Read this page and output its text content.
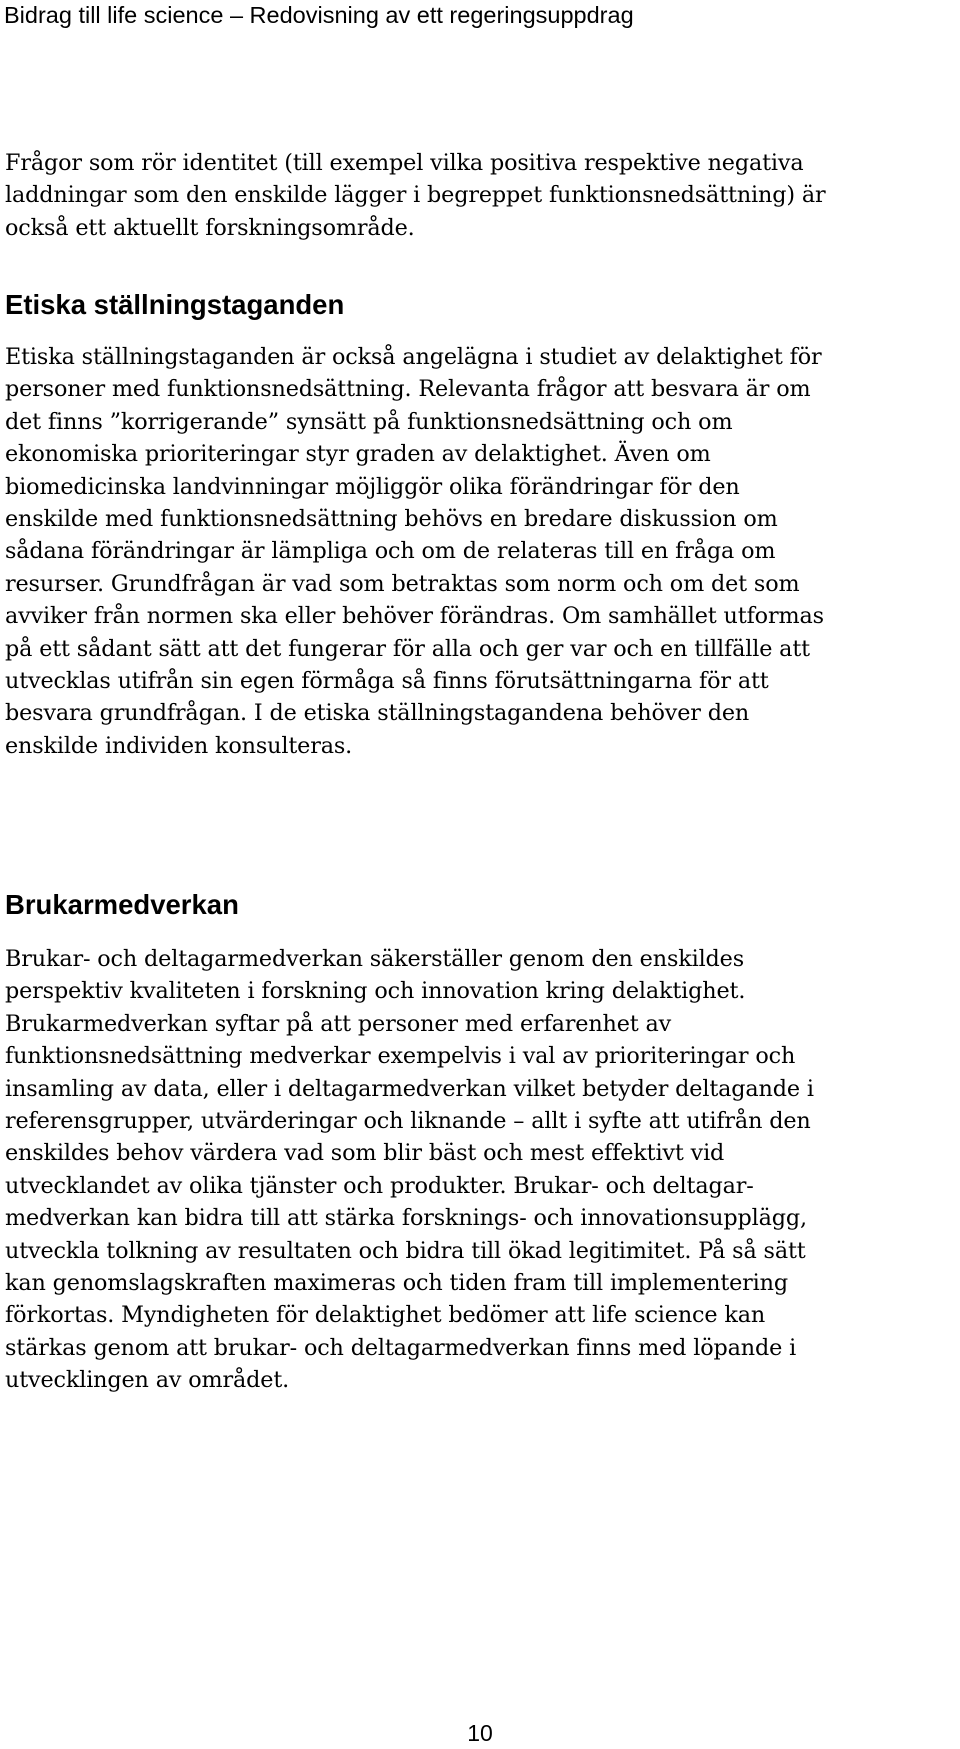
Bidrag till life science – Redovisning av ett regeringsuppdrag

Frågor som rör identitet (till exempel vilka positiva respektive negativa
laddningar som den enskilde lägger i begreppet funktionsnedsättning) är
också ett aktuellt forskningsområde.

Etiska ställningstaganden

Etiska ställningstaganden är också angelägna i studiet av delaktighet för
personer med funktionsnedsättning. Relevanta frågor att besvara är om
det finns ”korrigerande” synsätt på funktionsnedsättning och om
ekonomiska prioriteringar styr graden av delaktighet. Även om
biomedicinska landvinningar möjliggör olika förändringar för den
enskilde med funktionsnedsättning behövs en bredare diskussion om
sådana förändringar är lämpliga och om de relateras till en fråga om
resurser. Grundfrågan är vad som betraktas som norm och om det som
avviker från normen ska eller behöver förändras. Om samhället utformas
på ett sådant sätt att det fungerar för alla och ger var och en tillfälle att
utvecklas utifrån sin egen förmåga så finns förutsättningarna för att
besvara grundfrågan. I de etiska ställningstagandena behöver den
enskilde individen konsulteras.

Brukarmedverkan

Brukar- och deltagarmedverkan säkerställer genom den enskildes
perspektiv kvaliteten i forskning och innovation kring delaktighet.
Brukarmedverkan syftar på att personer med erfarenhet av
funktionsnedsättning medverkar exempelvis i val av prioriteringar och
insamling av data, eller i deltagarmedverkan vilket betyder deltagande i
referensgrupper, utvärderingar och liknande – allt i syfte att utifrån den
enskildes behov värdera vad som blir bäst och mest effektivt vid
utvecklandet av olika tjänster och produkter. Brukar- och deltagar-
medverkan kan bidra till att stärka forsknings- och innovationsupplägg,
utveckla tolkning av resultaten och bidra till ökad legitimitet. På så sätt
kan genomslagskraften maximeras och tiden fram till implementering
förkortas. Myndigheten för delaktighet bedömer att life science kan
stärkas genom att brukar- och deltagarmedverkan finns med löpande i
utvecklingen av området.

10
